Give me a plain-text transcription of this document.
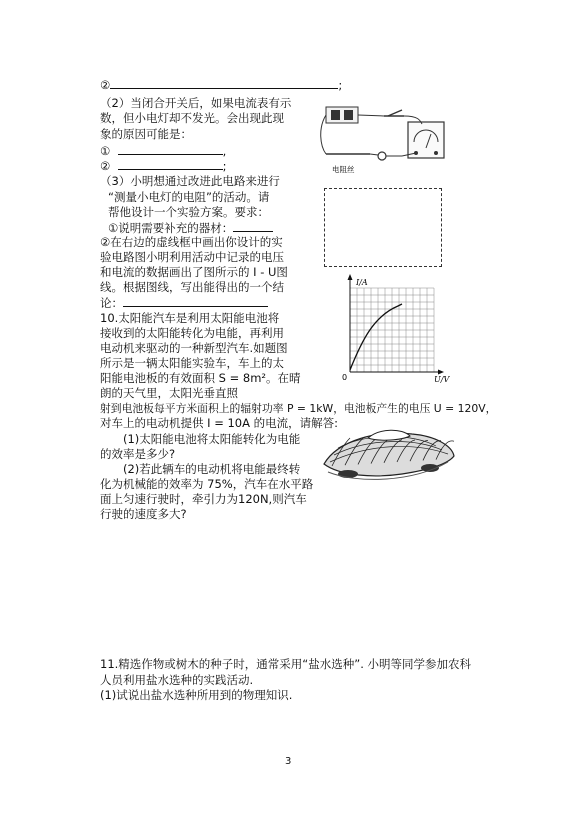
②	;
（2）当闭合开关后，如果电流表有示
数，但小电灯却不发光。会出现此现
象的原因可能是：
①	,
②	;
（3）小明想通过改进此电路来进行
“测量小电灯的电阻”的活动。请
帮他设计一个实验方案。要求：
①说明需要补充的器材：
②在右边的虚线框中画出你设计的实
验电路图小明利用活动中记录的电压
和电流的数据画出了图所示的 I - U图
线。根据图线，写出能得出的一个结
论：
10.太阳能汽车是利用太阳能电池将
接收到的太阳能转化为电能，再利用
电动机来驱动的一种新型汽车.如题图
所示是一辆太阳能实验车，车上的太
阳能电池板的有效面积 S = 8m²。在晴
朗的天气里，太阳光垂直照
射到电池板每平方米面积上的辐射功率 P = 1kW，电池板产生的电压 U = 120V，
对车上的电动机提供 I = 10A 的电流，请解答:
(1)太阳能电池将太阳能转化为电能
的效率是多少?
(2)若此辆车的电动机将电能最终转
化为机械能的效率为 75%，汽车在水平路
面上匀速行驶时，牵引力为120N,则汽车
行驶的速度多大?
11.精选作物或树木的种子时，通常采用“盐水选种”. 小明等同学参加农科
人员利用盐水选种的实践活动.
(1)试说出盐水选种所用到的物理知识.
电阻丝
I/A
U/V
0
3
